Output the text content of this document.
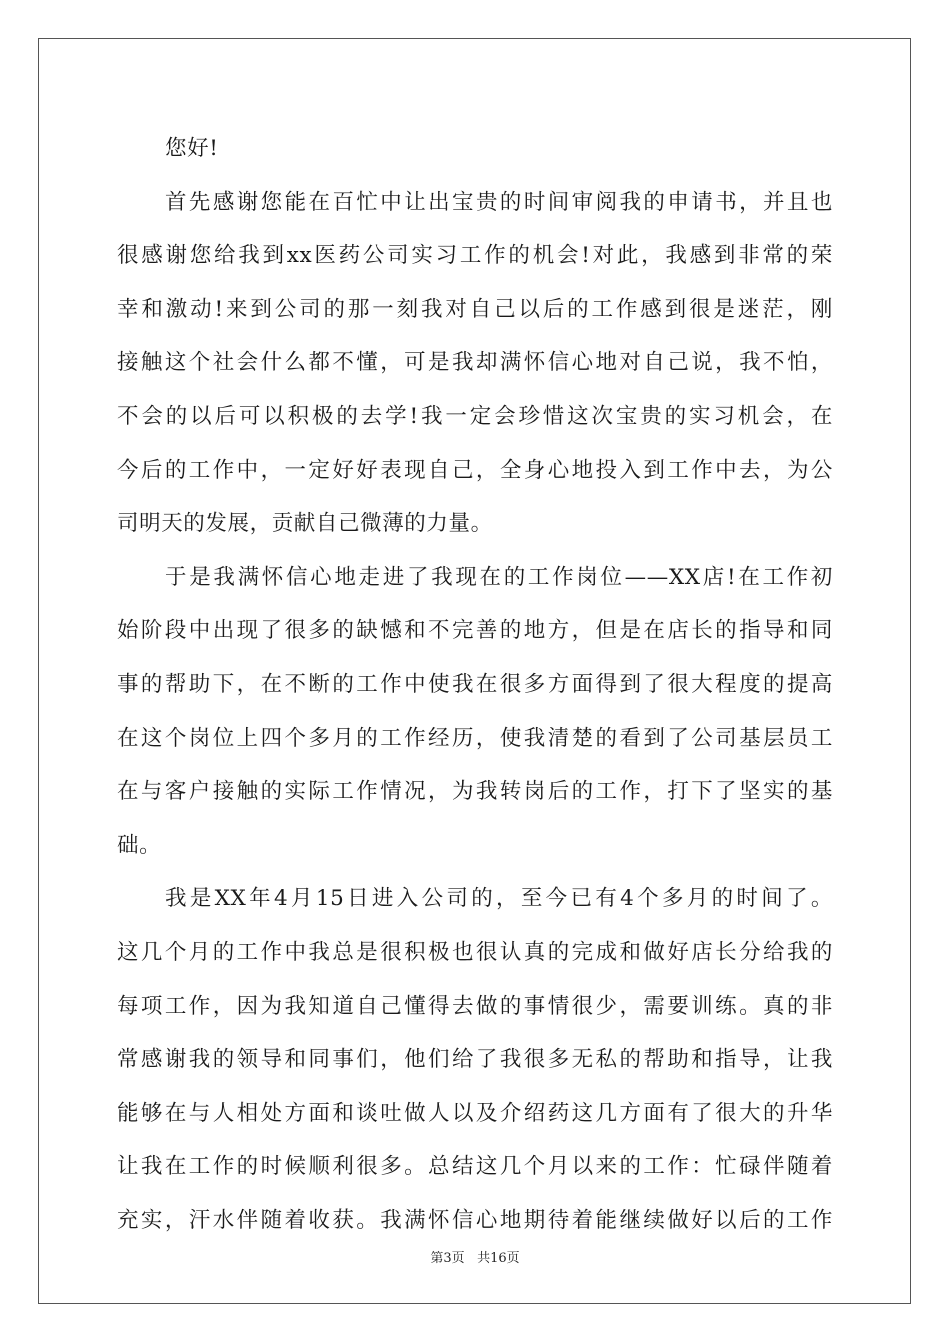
您好!
首先感谢您能在百忙中让出宝贵的时间审阅我的申请书，并且也
很感谢您给我到xx医药公司实习工作的机会!对此，我感到非常的荣
幸和激动!来到公司的那一刻我对自己以后的工作感到很是迷茫，刚
接触这个社会什么都不懂，可是我却满怀信心地对自己说，我不怕，
不会的以后可以积极的去学!我一定会珍惜这次宝贵的实习机会，在
今后的工作中，一定好好表现自己，全身心地投入到工作中去，为公
司明天的发展，贡献自己微薄的力量。
于是我满怀信心地走进了我现在的工作岗位——XX店!在工作初
始阶段中出现了很多的缺憾和不完善的地方，但是在店长的指导和同
事的帮助下，在不断的工作中使我在很多方面得到了很大程度的提高
在这个岗位上四个多月的工作经历，使我清楚的看到了公司基层员工
在与客户接触的实际工作情况，为我转岗后的工作，打下了坚实的基
础。
我是XX年4月15日进入公司的，至今已有4个多月的时间了。
这几个月的工作中我总是很积极也很认真的完成和做好店长分给我的
每项工作，因为我知道自己懂得去做的事情很少，需要训练。真的非
常感谢我的领导和同事们，他们给了我很多无私的帮助和指导，让我
能够在与人相处方面和谈吐做人以及介绍药这几方面有了很大的升华
让我在工作的时候顺利很多。总结这几个月以来的工作：忙碌伴随着
充实，汗水伴随着收获。我满怀信心地期待着能继续做好以后的工作
第3页 共16页
